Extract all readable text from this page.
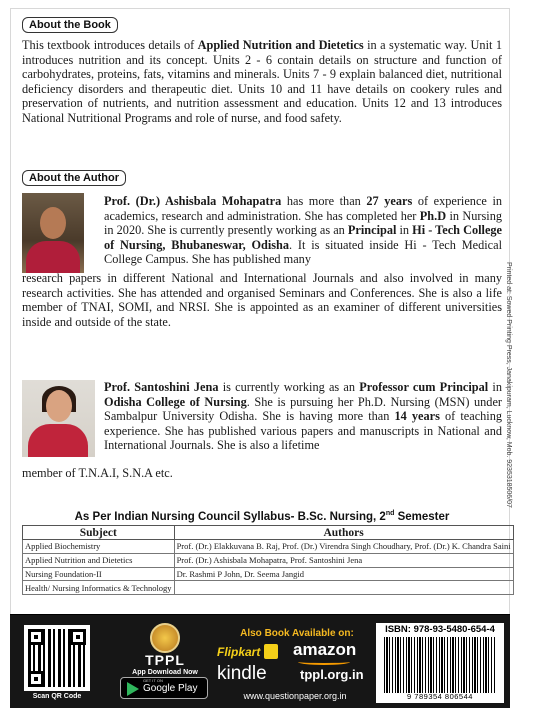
About the Book

This textbook introduces details of Applied Nutrition and Dietetics in a systematic way. Unit 1 introduces nutrition and its concept. Units 2 - 6 contain details on structure and function of carbohydrates, proteins, fats, vitamins and minerals. Units 7 - 9 explain balanced diet, nutritional deficiency disorders and therapeutic diet. Units 10 and 11 have details on cookery rules and preservation of nutrients, and nutrition assessment and education. Units 12 and 13 introduces National Nutritional Programs and role of nurse, and food safety.

About the Author

Prof. (Dr.) Ashisbala Mohapatra has more than 27 years of experience in academics, research and administration. She has completed her Ph.D in Nursing in 2020. She is currently presently working as an Principal in Hi - Tech College of Nursing, Bhubaneswar, Odisha. It is situated inside Hi - Tech Medical College Campus. She has published many

research papers in different National and International Journals and also involved in many research activities. She has attended and organised Seminars and Conferences. She is also a life member of TNAI, SOMI, and NRSI. She is appointed as an examiner of different universities inside and outside of the state.

Prof. Santoshini Jena is currently working as an Professor cum Principal in Odisha College of Nursing. She is pursuing her Ph.D. Nursing (MSN) under Sambalpur University Odisha. She is having more than 14 years of teaching experience. She has published various papers and manuscripts in National and International Journals. She is also a lifetime

member of T.N.A.I, S.N.A etc.	Printed at: Sowed Printing Press, Janakipuram, Lucknow, Mob. 9235318506/07
As Per Indian Nursing Council Syllabus- B.Sc. Nursing, 2nd Semester
Subject	Authors
Applied Biochemistry	Prof. (Dr.) Elakkuvana B. Raj, Prof. (Dr.) Virendra Singh Choudhary, Prof. (Dr.) K. Chandra Saini
Applied Nutrition and Dietetics	Prof. (Dr.) Ashisbala Mohapatra, Prof. Santoshini Jena
Nursing Foundation-II	Dr. Rashmi P John, Dr. Seema Jangid
Health/ Nursing Informatics & Technology	
Scan QR Code
TPPL
App Download Now
GET IT ON
Google Play
Also Book Available on:
Flipkart amazon
kindle	tppl.org.in
www.questionpaper.org.in
ISBN: 978-93-5480-654-4
9 789354 806544
